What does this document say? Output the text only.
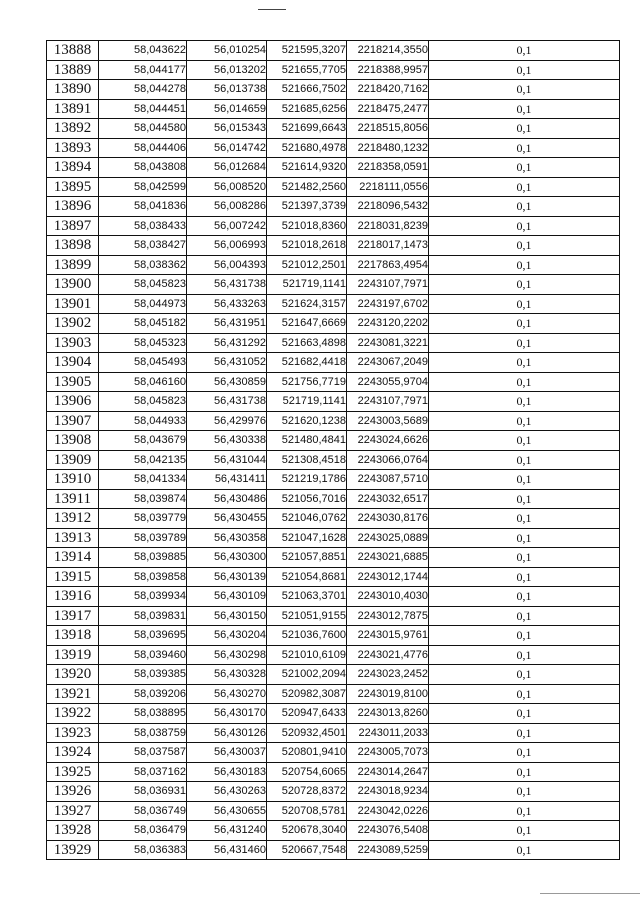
13888	58,043622	56,010254	521595,3207	2218214,3550	0,1
13889	58,044177	56,013202	521655,7705	2218388,9957	0,1
13890	58,044278	56,013738	521666,7502	2218420,7162	0,1
13891	58,044451	56,014659	521685,6256	2218475,2477	0,1
13892	58,044580	56,015343	521699,6643	2218515,8056	0,1
13893	58,044406	56,014742	521680,4978	2218480,1232	0,1
13894	58,043808	56,012684	521614,9320	2218358,0591	0,1
13895	58,042599	56,008520	521482,2560	2218111,0556	0,1
13896	58,041836	56,008286	521397,3739	2218096,5432	0,1
13897	58,038433	56,007242	521018,8360	2218031,8239	0,1
13898	58,038427	56,006993	521018,2618	2218017,1473	0,1
13899	58,038362	56,004393	521012,2501	2217863,4954	0,1
13900	58,045823	56,431738	521719,1141	2243107,7971	0,1
13901	58,044973	56,433263	521624,3157	2243197,6702	0,1
13902	58,045182	56,431951	521647,6669	2243120,2202	0,1
13903	58,045323	56,431292	521663,4898	2243081,3221	0,1
13904	58,045493	56,431052	521682,4418	2243067,2049	0,1
13905	58,046160	56,430859	521756,7719	2243055,9704	0,1
13906	58,045823	56,431738	521719,1141	2243107,7971	0,1
13907	58,044933	56,429976	521620,1238	2243003,5689	0,1
13908	58,043679	56,430338	521480,4841	2243024,6626	0,1
13909	58,042135	56,431044	521308,4518	2243066,0764	0,1
13910	58,041334	56,431411	521219,1786	2243087,5710	0,1
13911	58,039874	56,430486	521056,7016	2243032,6517	0,1
13912	58,039779	56,430455	521046,0762	2243030,8176	0,1
13913	58,039789	56,430358	521047,1628	2243025,0889	0,1
13914	58,039885	56,430300	521057,8851	2243021,6885	0,1
13915	58,039858	56,430139	521054,8681	2243012,1744	0,1
13916	58,039934	56,430109	521063,3701	2243010,4030	0,1
13917	58,039831	56,430150	521051,9155	2243012,7875	0,1
13918	58,039695	56,430204	521036,7600	2243015,9761	0,1
13919	58,039460	56,430298	521010,6109	2243021,4776	0,1
13920	58,039385	56,430328	521002,2094	2243023,2452	0,1
13921	58,039206	56,430270	520982,3087	2243019,8100	0,1
13922	58,038895	56,430170	520947,6433	2243013,8260	0,1
13923	58,038759	56,430126	520932,4501	2243011,2033	0,1
13924	58,037587	56,430037	520801,9410	2243005,7073	0,1
13925	58,037162	56,430183	520754,6065	2243014,2647	0,1
13926	58,036931	56,430263	520728,8372	2243018,9234	0,1
13927	58,036749	56,430655	520708,5781	2243042,0226	0,1
13928	58,036479	56,431240	520678,3040	2243076,5408	0,1
13929	58,036383	56,431460	520667,7548	2243089,5259	0,1
